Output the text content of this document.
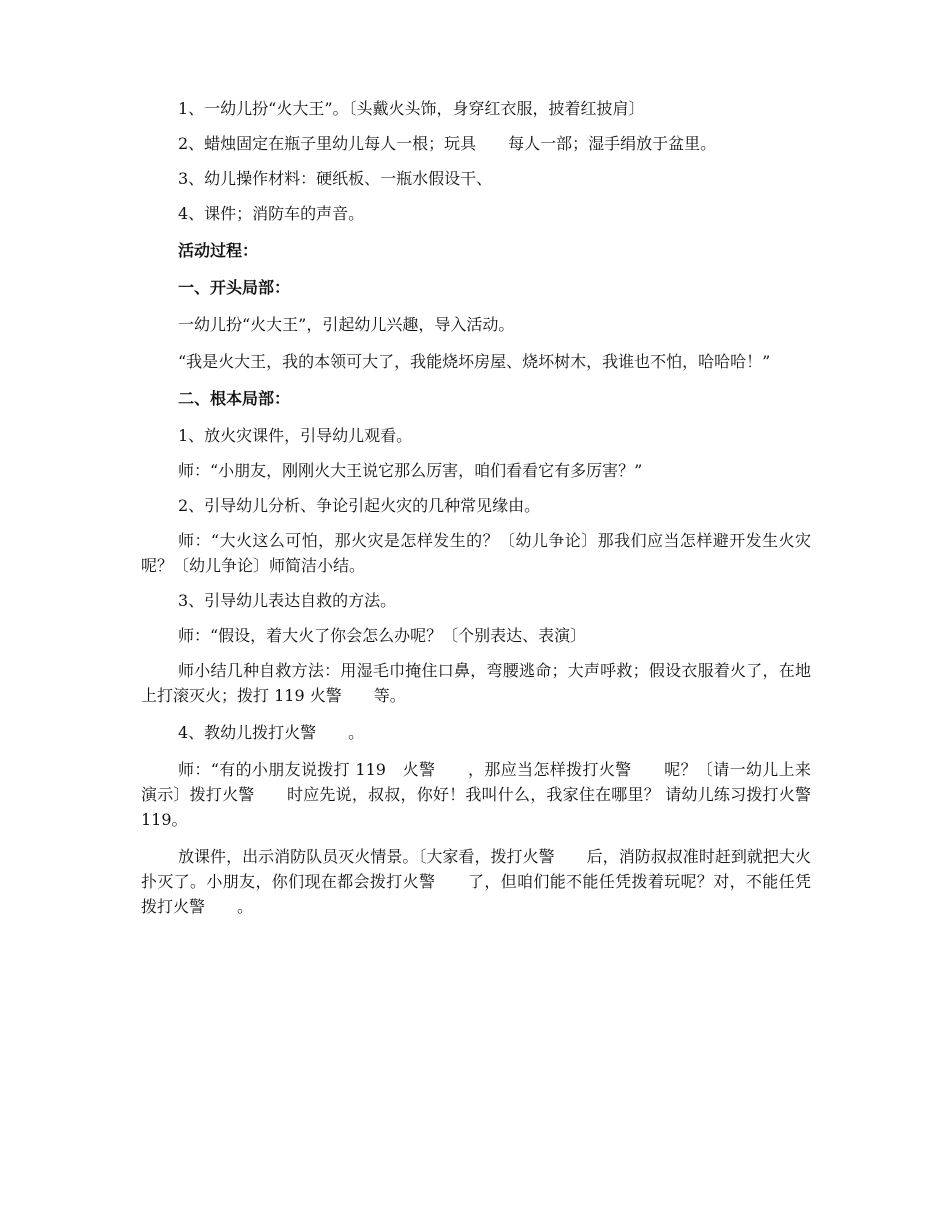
1、一幼儿扮“火大王”。〔头戴火头饰，身穿红衣服，披着红披肩〕

2、蜡烛固定在瓶子里幼儿每人一根；玩具　　每人一部；湿手绢放于盆里。

3、幼儿操作材料：硬纸板、一瓶水假设干、

4、课件；消防车的声音。

活动过程：

一、开头局部：

一幼儿扮“火大王”，引起幼儿兴趣，导入活动。

“我是火大王，我的本领可大了，我能烧坏房屋、烧坏树木，我谁也不怕，哈哈哈！”

二、根本局部：

1、放火灾课件，引导幼儿观看。

师：“小朋友，刚刚火大王说它那么厉害，咱们看看它有多厉害？”

2、引导幼儿分析、争论引起火灾的几种常见缘由。

师：“大火这么可怕，那火灾是怎样发生的？〔幼儿争论〕那我们应当怎样避开发生火灾呢？〔幼儿争论〕师简洁小结。

3、引导幼儿表达自救的方法。

师：“假设，着大火了你会怎么办呢？〔个别表达、表演〕

师小结几种自救方法：用湿毛巾掩住口鼻，弯腰逃命；大声呼救；假设衣服着火了，在地上打滚灭火；拨打 119 火警　　等。

4、教幼儿拨打火警　　。

师：“有的小朋友说拨打 119　火警　　，那应当怎样拨打火警　　呢？〔请一幼儿上来演示〕拨打火警　　时应先说，叔叔，你好！我叫什么，我家住在哪里？ 请幼儿练习拨打火警　　119。

放课件，出示消防队员灭火情景。〔大家看，拨打火警　　后，消防叔叔准时赶到就把大火扑灭了。小朋友，你们现在都会拨打火警　　了，但咱们能不能任凭拨着玩呢？对，不能任凭拨打火警　　。
